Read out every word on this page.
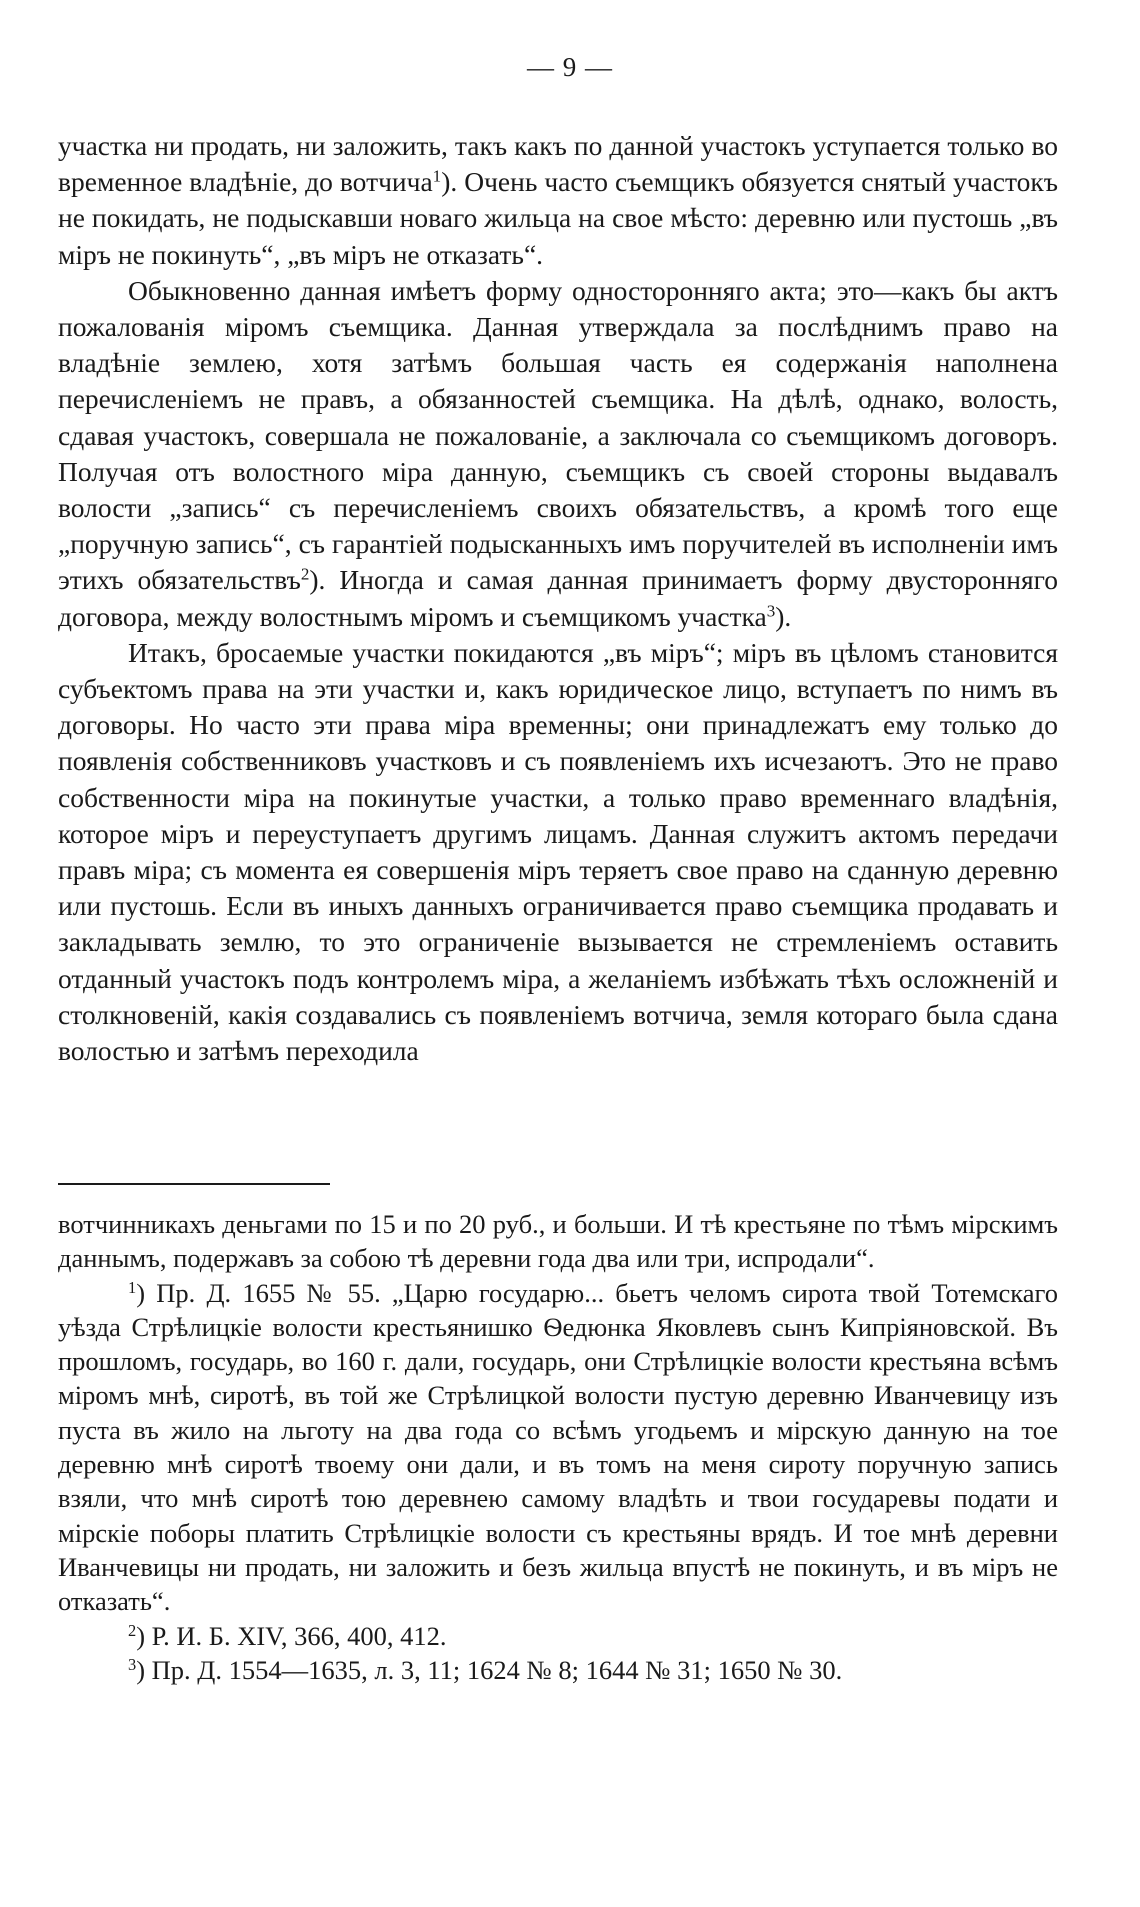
— 9 —

участка ни продать, ни заложить, такъ какъ по данной участокъ уступается только во временное владѣніе, до вотчича$^1$). Очень часто съемщикъ обязуется снятый участокъ не покидать, не подыскавши новаго жильца на свое мѣсто: деревню или пустошь „въ міръ не покинуть“, „въ міръ не отказать“.

Обыкновенно данная имѣетъ форму односторонняго акта; это—какъ бы актъ пожалованія міромъ съемщика. Данная утверждала за послѣднимъ право на владѣніе землею, хотя затѣмъ большая часть ея содержанія наполнена перечисленіемъ не правъ, а обязанностей съемщика. На дѣлѣ, однако, волость, сдавая участокъ, совершала не пожалованіе, а заключала со съемщикомъ договоръ. Получая отъ волостного міра данную, съемщикъ съ своей стороны выдавалъ волости „запись“ съ перечисленіемъ своихъ обязательствъ, а кромѣ того еще „поручную запись“, съ гарантіей подысканныхъ имъ поручителей въ исполненіи имъ этихъ обязательствъ$^2$). Иногда и самая данная принимаетъ форму двусторонняго договора, между волостнымъ міромъ и съемщикомъ участка$^3$).

Итакъ, бросаемые участки покидаются „въ міръ“; міръ въ цѣломъ становится субъектомъ права на эти участки и, какъ юридическое лицо, вступаетъ по нимъ въ договоры. Но часто эти права міра временны; они принадлежатъ ему только до появленія собственниковъ участковъ и съ появленіемъ ихъ исчезаютъ. Это не право собственности міра на покинутые участки, а только право временнаго владѣнія, которое міръ и переуступаетъ другимъ лицамъ. Данная служитъ актомъ передачи правъ міра; съ момента ея совершенія міръ теряетъ свое право на сданную деревню или пустошь. Если въ иныхъ данныхъ ограничивается право съемщика продавать и закладывать землю, то это ограниченіе вызывается не стремленіемъ оставить отданный участокъ подъ контролемъ міра, а желаніемъ избѣжать тѣхъ осложненій и столкновеній, какія создавались съ появленіемъ вотчича, земля котораго была сдана волостью и затѣмъ переходила

вотчинникахъ деньгами по 15 и по 20 руб., и больши. И тѣ крестьяне по тѣмъ мірскимъ даннымъ, подержавъ за собою тѣ деревни года два или три, испродали“.

$^1$) Пр. Д. 1655 № 55. „Царю государю... бьетъ челомъ сирота твой Тотемскаго уѣзда Стрѣлицкіе волости крестьянишко Ѳедюнка Яковлевъ сынъ Кипріяновской. Въ прошломъ, государь, во 160 г. дали, государь, они Стрѣлицкіе волости крестьяна всѣмъ міромъ мнѣ, сиротѣ, въ той же Стрѣлицкой волости пустую деревню Иванчевицу изъ пуста въ жило на льготу на два года со всѣмъ угодьемъ и мірскую данную на тое деревню мнѣ сиротѣ твоему они дали, и въ томъ на меня сироту поручную запись взяли, что мнѣ сиротѣ тою деревнею самому владѣть и твои государевы подати и мірскіе поборы платить Стрѣлицкіе волости съ крестьяны врядъ. И тое мнѣ деревни Иванчевицы ни продать, ни заложить и безъ жильца впустѣ не покинуть, и въ міръ не отказать“.

$^2$) Р. И. Б. XIV, 366, 400, 412.

$^3$) Пр. Д. 1554—1635, л. 3, 11; 1624 № 8; 1644 № 31; 1650 № 30.
